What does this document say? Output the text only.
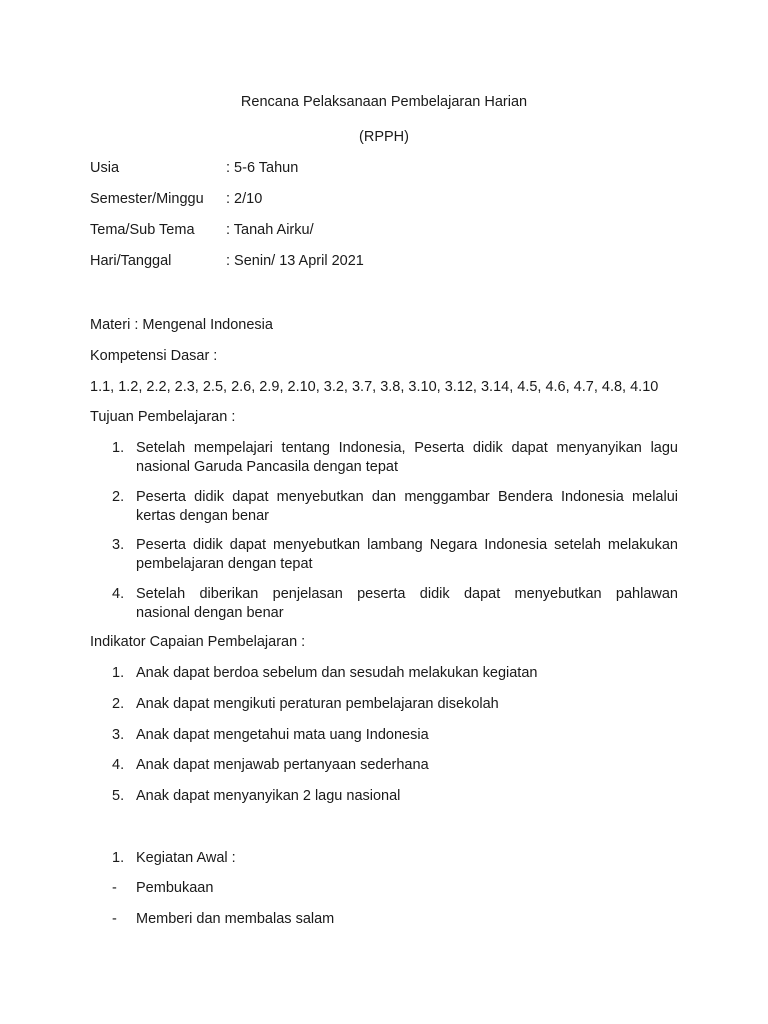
Rencana Pelaksanaan Pembelajaran Harian
(RPPH)
Usia	: 5-6 Tahun
Semester/Minggu : 2/10
Tema/Sub Tema : Tanah Airku/
Hari/Tanggal	: Senin/ 13 April 2021
Materi : Mengenal Indonesia
Kompetensi Dasar :
1.1, 1.2, 2.2, 2.3, 2.5, 2.6, 2.9, 2.10, 3.2, 3.7, 3.8, 3.10, 3.12, 3.14, 4.5, 4.6, 4.7, 4.8, 4.10
Tujuan Pembelajaran :
1. Setelah mempelajari tentang Indonesia, Peserta didik dapat menyanyikan lagu
nasional Garuda Pancasila dengan tepat
2. Peserta didik dapat menyebutkan dan menggambar Bendera Indonesia melalui
kertas dengan benar
3. Peserta didik dapat menyebutkan lambang Negara Indonesia setelah melakukan
pembelajaran dengan tepat
4. Setelah diberikan penjelasan peserta didik dapat menyebutkan pahlawan
nasional dengan benar
Indikator Capaian Pembelajaran :
1. Anak dapat berdoa sebelum dan sesudah melakukan kegiatan
2. Anak dapat mengikuti peraturan pembelajaran disekolah
3. Anak dapat mengetahui mata uang Indonesia
4. Anak dapat menjawab pertanyaan sederhana
5. Anak dapat menyanyikan 2 lagu nasional
1. Kegiatan Awal :
- Pembukaan
- Memberi dan membalas salam
